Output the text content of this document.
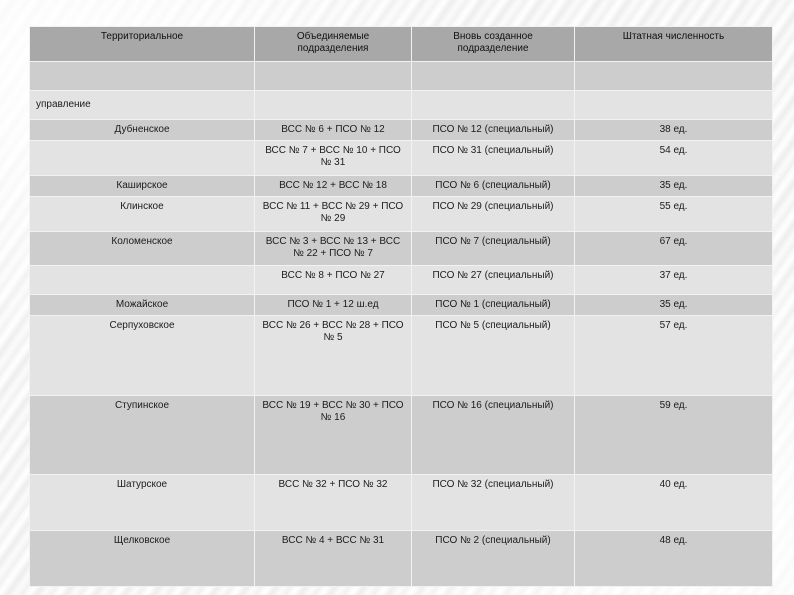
Территориальное	Объединяемые подразделения	Вновь созданное подразделение	Штатная численность

управление			
Дубненское	ВСС № 6 + ПСО № 12	ПСО № 12 (специальный)	38 ед.
	ВСС № 7 + ВСС № 10 + ПСО № 31	ПСО № 31 (специальный)	54 ед.
Каширское	ВСС № 12 + ВСС № 18	ПСО № 6 (специальный)	35 ед.
Клинское	ВСС № 11 + ВСС № 29 + ПСО № 29	ПСО № 29 (специальный)	55 ед.
Коломенское	ВСС № 3 + ВСС № 13 + ВСС № 22 + ПСО № 7	ПСО № 7 (специальный)	67 ед.
	ВСС № 8 + ПСО № 27	ПСО № 27 (специальный)	37 ед.
Можайское	ПСО № 1 + 12 ш.ед	ПСО № 1 (специальный)	35 ед.
Серпуховское	ВСС № 26 + ВСС № 28 + ПСО № 5	ПСО № 5 (специальный)	57 ед.
Ступинское	ВСС № 19 + ВСС № 30 + ПСО № 16	ПСО № 16 (специальный)	59 ед.
Шатурское	ВСС № 32 + ПСО № 32	ПСО № 32 (специальный)	40 ед.
Щелковское	ВСС № 4 + ВСС № 31	ПСО № 2 (специальный)	48 ед.
